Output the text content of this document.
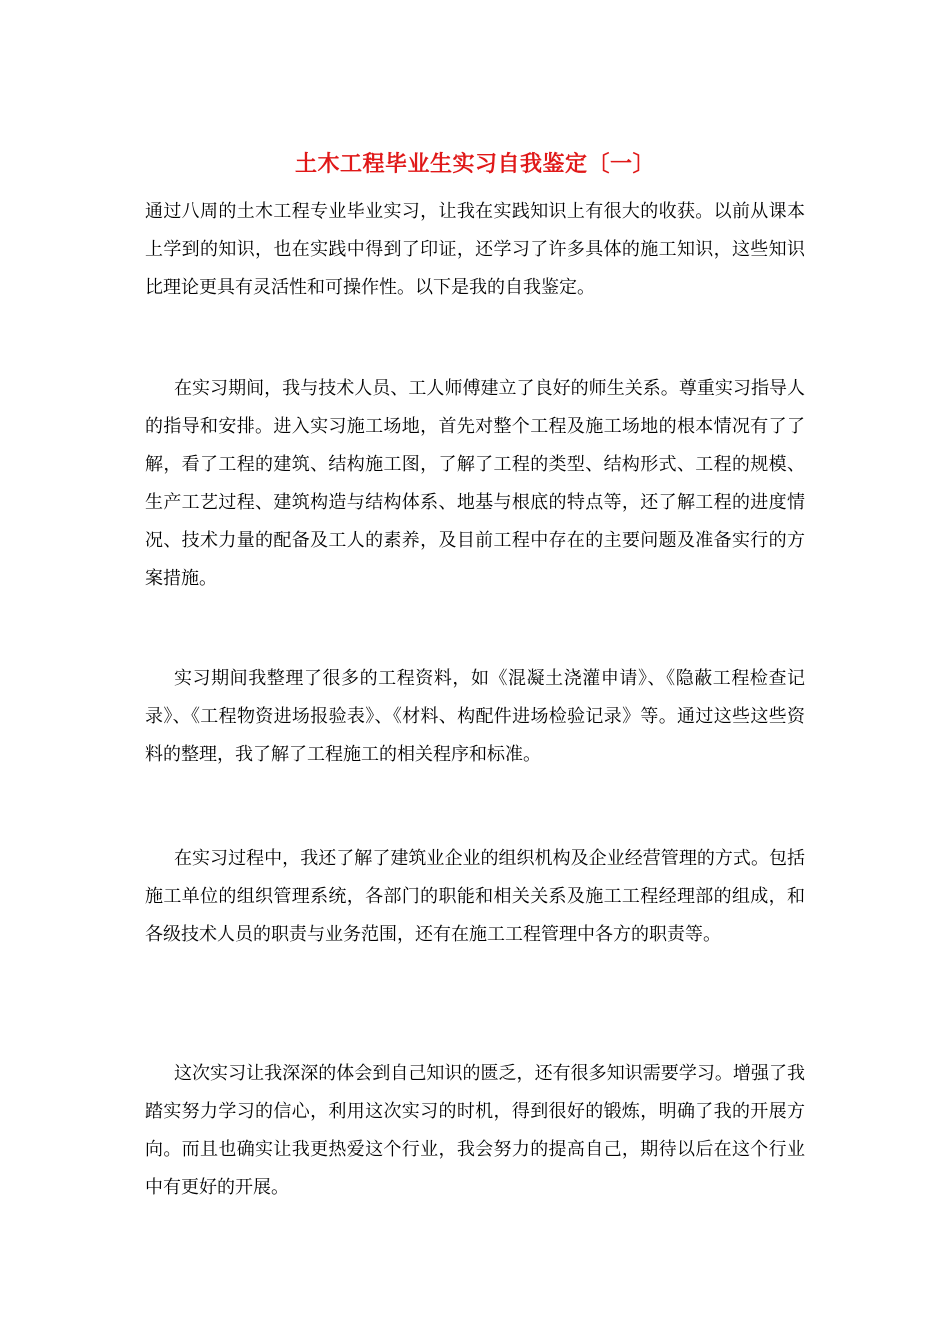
土木工程毕业生实习自我鉴定〔一〕

通过八周的土木工程专业毕业实习，让我在实践知识上有很大的收获。以前从课本上学到的知识，也在实践中得到了印证，还学习了许多具体的施工知识，这些知识比理论更具有灵活性和可操作性。以下是我的自我鉴定。

在实习期间，我与技术人员、工人师傅建立了良好的师生关系。尊重实习指导人的指导和安排。进入实习施工场地，首先对整个工程及施工场地的根本情况有了了解，看了工程的建筑、结构施工图，了解了工程的类型、结构形式、工程的规模、生产工艺过程、建筑构造与结构体系、地基与根底的特点等，还了解工程的进度情况、技术力量的配备及工人的素养，及目前工程中存在的主要问题及准备实行的方案措施。

实习期间我整理了很多的工程资料，如《混凝土浇灌申请》、《隐蔽工程检查记录》、《工程物资进场报验表》、《材料、构配件进场检验记录》等。通过这些这些资料的整理，我了解了工程施工的相关程序和标准。

在实习过程中，我还了解了建筑业企业的组织机构及企业经营管理的方式。包括施工单位的组织管理系统，各部门的职能和相关关系及施工工程经理部的组成，和各级技术人员的职责与业务范围，还有在施工工程管理中各方的职责等。

这次实习让我深深的体会到自己知识的匮乏，还有很多知识需要学习。增强了我踏实努力学习的信心，利用这次实习的时机，得到很好的锻炼，明确了我的开展方向。而且也确实让我更热爱这个行业，我会努力的提高自己，期待以后在这个行业中有更好的开展。
